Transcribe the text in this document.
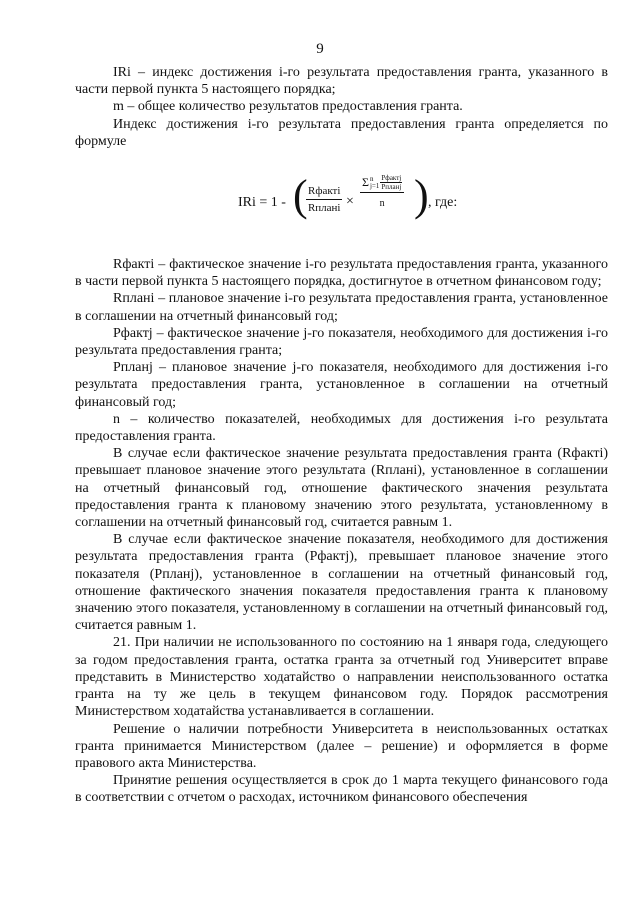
9

IRi – индекс достижения i-го результата предоставления гранта, указанного в части первой пункта 5 настоящего порядка;

m – общее количество результатов предоставления гранта.

Индекс достижения i-го результата предоставления гранта определяется по формуле

IRi = 1 - ( Rфакті
Rплані ×
Σ n
$j=1 \frac{\text{Pфактj}}{\text{Pпланj}}$
n ) , где:

Rфакті – фактическое значение i-го результата предоставления гранта, указанного в части первой пункта 5 настоящего порядка, достигнутое в отчетном финансовом году;

Rплані – плановое значение i-го результата предоставления гранта, установленное в соглашении на отчетный финансовый год;

Pфактj – фактическое значение j-го показателя, необходимого для достижения i-го результата предоставления гранта;

Pпланj – плановое значение j-го показателя, необходимого для достижения i-го результата предоставления гранта, установленное в соглашении на отчетный финансовый год;

n – количество показателей, необходимых для достижения i-го результата предоставления гранта.

В случае если фактическое значение результата предоставления гранта (Rфакті) превышает плановое значение этого результата (Rплані), установленное в соглашении на отчетный финансовый год, отношение фактического значения результата предоставления гранта к плановому значению этого результата, установленному в соглашении на отчетный финансовый год, считается равным 1.

В случае если фактическое значение показателя, необходимого для достижения результата предоставления гранта (Pфактj), превышает плановое значение этого показателя (Pпланj), установленное в соглашении на отчетный финансовый год, отношение фактического значения показателя предоставления гранта к плановому значению этого показателя, установленному в соглашении на отчетный финансовый год, считается равным 1.

21. При наличии не использованного по состоянию на 1 января года, следующего за годом предоставления гранта, остатка гранта за отчетный год Университет вправе представить в Министерство ходатайство о направлении неиспользованного остатка гранта на ту же цель в текущем финансовом году. Порядок рассмотрения Министерством ходатайства устанавливается в соглашении.

Решение о наличии потребности Университета в неиспользованных остатках гранта принимается Министерством (далее – решение) и оформляется в форме правового акта Министерства.

Принятие решения осуществляется в срок до 1 марта текущего финансового года в соответствии с отчетом о расходах, источником финансового обеспечения
